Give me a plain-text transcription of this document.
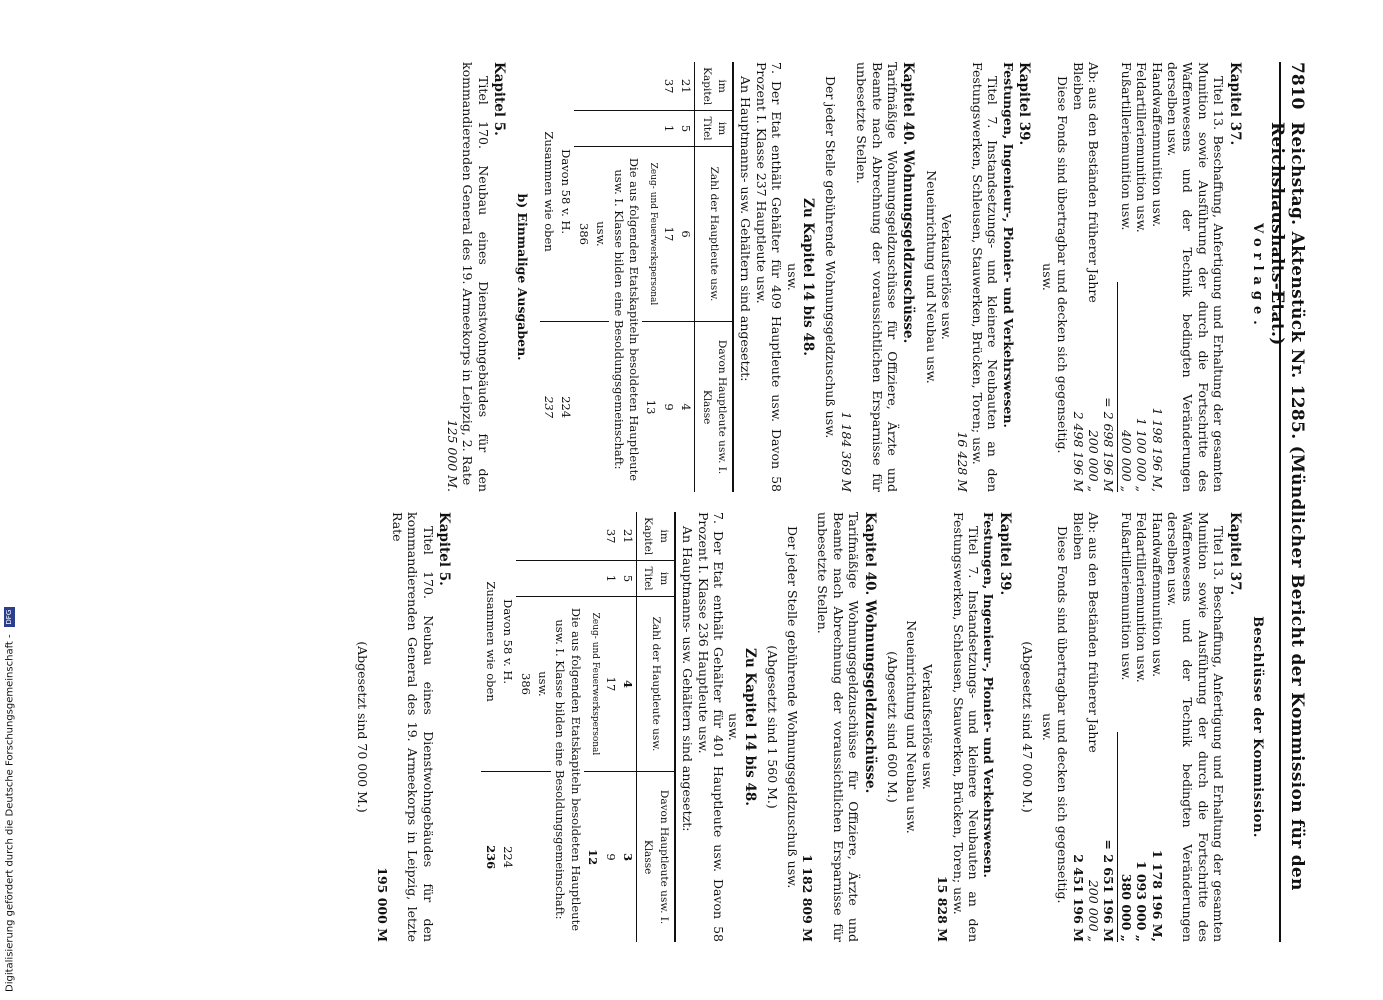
7810
Reichstag. Aktenstück Nr. 1285. (Mündlicher Bericht der Kommission für den Reichshaushalts-Etat.)
Vorlage.
Kapitel 37.

Titel 13. Beschaffung, Anfertigung und Erhaltung der gesamten Munition sowie Ausführung der durch die Fortschritte des Waffenwesens und der Technik bedingten Veränderungen derselben usw.

Handwaffenmunition usw.
1 198 196 M,
Feldartilleriemunition usw.
1 100 000 „
Fußartilleriemunition usw.
400 000 „
= 2 698 196 M
Ab: aus den Beständen früherer Jahre
200 000 „
Bleiben
2 498 196 M

Diese Fonds sind übertragbar und decken sich gegenseitig.

usw.
Kapitel 39.
Festungen, Ingenieur-, Pionier- und Verkehrswesen.

Titel 7. Instandsetzungs- und kleinere Neubauten an den Festungswerken, Schleusen, Stauwerken, Brücken, Toren; usw.

16 428 M
Verkaufserlöse usw.
Neueinrichtung und Neubau usw.
Kapitel 40. Wohnungsgeldzuschüsse.

Tarifmäßige Wohnungsgeldzuschüsse für Offiziere, Ärzte und Beamte nach Abrechnung der voraussichtlichen Ersparnisse für unbesetzte Stellen.

1 184 369 M

Der jeder Stelle gebührende Wohnungsgeldzuschuß usw.

Zu Kapitel 14 bis 48.
usw.

7. Der Etat enthält Gehälter für 409 Hauptleute usw. Davon 58 Prozent I. Klasse 237 Hauptleute usw.

An Hauptmanns- usw. Gehältern sind angesetzt:

im Kapitel	im Titel	Zahl der Hauptleute usw.	Davon Hauptleute usw. I. Klasse
21	5	6	4
37	1	17	9
		Zeug- und Feuerwerkspersonal	13
		Die aus folgenden Etatskapiteln besoldeten Hauptleute usw. I. Klasse bilden eine Besoldungsgemeinschaft:	
		usw.	
		386	
Davon 58 v. H.			224
Zusammen wie oben			237
b) Einmalige Ausgaben.
Kapitel 5.

Titel 170. Neubau eines Dienstwohngebäudes für den kommandierenden General des 19. Armeekorps in Leipzig, 2. Rate

125 000 M.
Beschlüsse der Kommission.
Kapitel 37.

Titel 13. Beschaffung, Anfertigung und Erhaltung der gesamten Munition sowie Ausführung der durch die Fortschritte des Waffenwesens und der Technik bedingten Veränderungen derselben usw.

Handwaffenmunition usw.
1 178 196 M,
Feldartilleriemunition usw.
1 093 000 „
Fußartilleriemunition usw.
380 000 „
= 2 651 196 M
Ab: aus den Beständen früherer Jahre
200 000 „
Bleiben
2 451 196 M

Diese Fonds sind übertragbar und decken sich gegenseitig.

usw.
(Abgesetzt sind 47 000 M.)
Kapitel 39.
Festungen, Ingenieur-, Pionier- und Verkehrswesen.

Titel 7. Instandsetzungs- und kleinere Neubauten an den Festungswerken, Schleusen, Stauwerken, Brücken, Toren; usw.

15 828 M
Verkaufserlöse usw.
Neueinrichtung und Neubau usw.
(Abgesetzt sind 600 M.)
Kapitel 40. Wohnungsgeldzuschüsse.

Tarifmäßige Wohnungsgeldzuschüsse für Offiziere, Ärzte und Beamte nach Abrechnung der voraussichtlichen Ersparnisse für unbesetzte Stellen.

1 182 809 M

Der jeder Stelle gebührende Wohnungsgeldzuschuß usw.

(Abgesetzt sind 1 560 M.)
Zu Kapitel 14 bis 48.
usw.

7. Der Etat enthält Gehälter für 401 Hauptleute usw. Davon 58 Prozent I. Klasse 236 Hauptleute usw.

An Hauptmanns- usw. Gehältern sind angesetzt:

im Kapitel	im Titel	Zahl der Hauptleute usw.	Davon Hauptleute usw. I. Klasse
21	5	4	3
37	1	17	9
		Zeug- und Feuerwerkspersonal	12
		Die aus folgenden Etatskapiteln besoldeten Hauptleute usw. I. Klasse bilden eine Besoldungsgemeinschaft:	
		usw.	
		386	
Davon 58 v. H.			224
Zusammen wie oben			236
Kapitel 5.

Titel 170. Neubau eines Dienstwohngebäudes für den kommandierenden General des 19. Armeekorps in Leipzig, letzte Rate

195 000 M
(Abgesetzt sind 70 000 M.)
Digitalisierung gefördert durch die Deutsche Forschungsgemeinschaft - DFG
